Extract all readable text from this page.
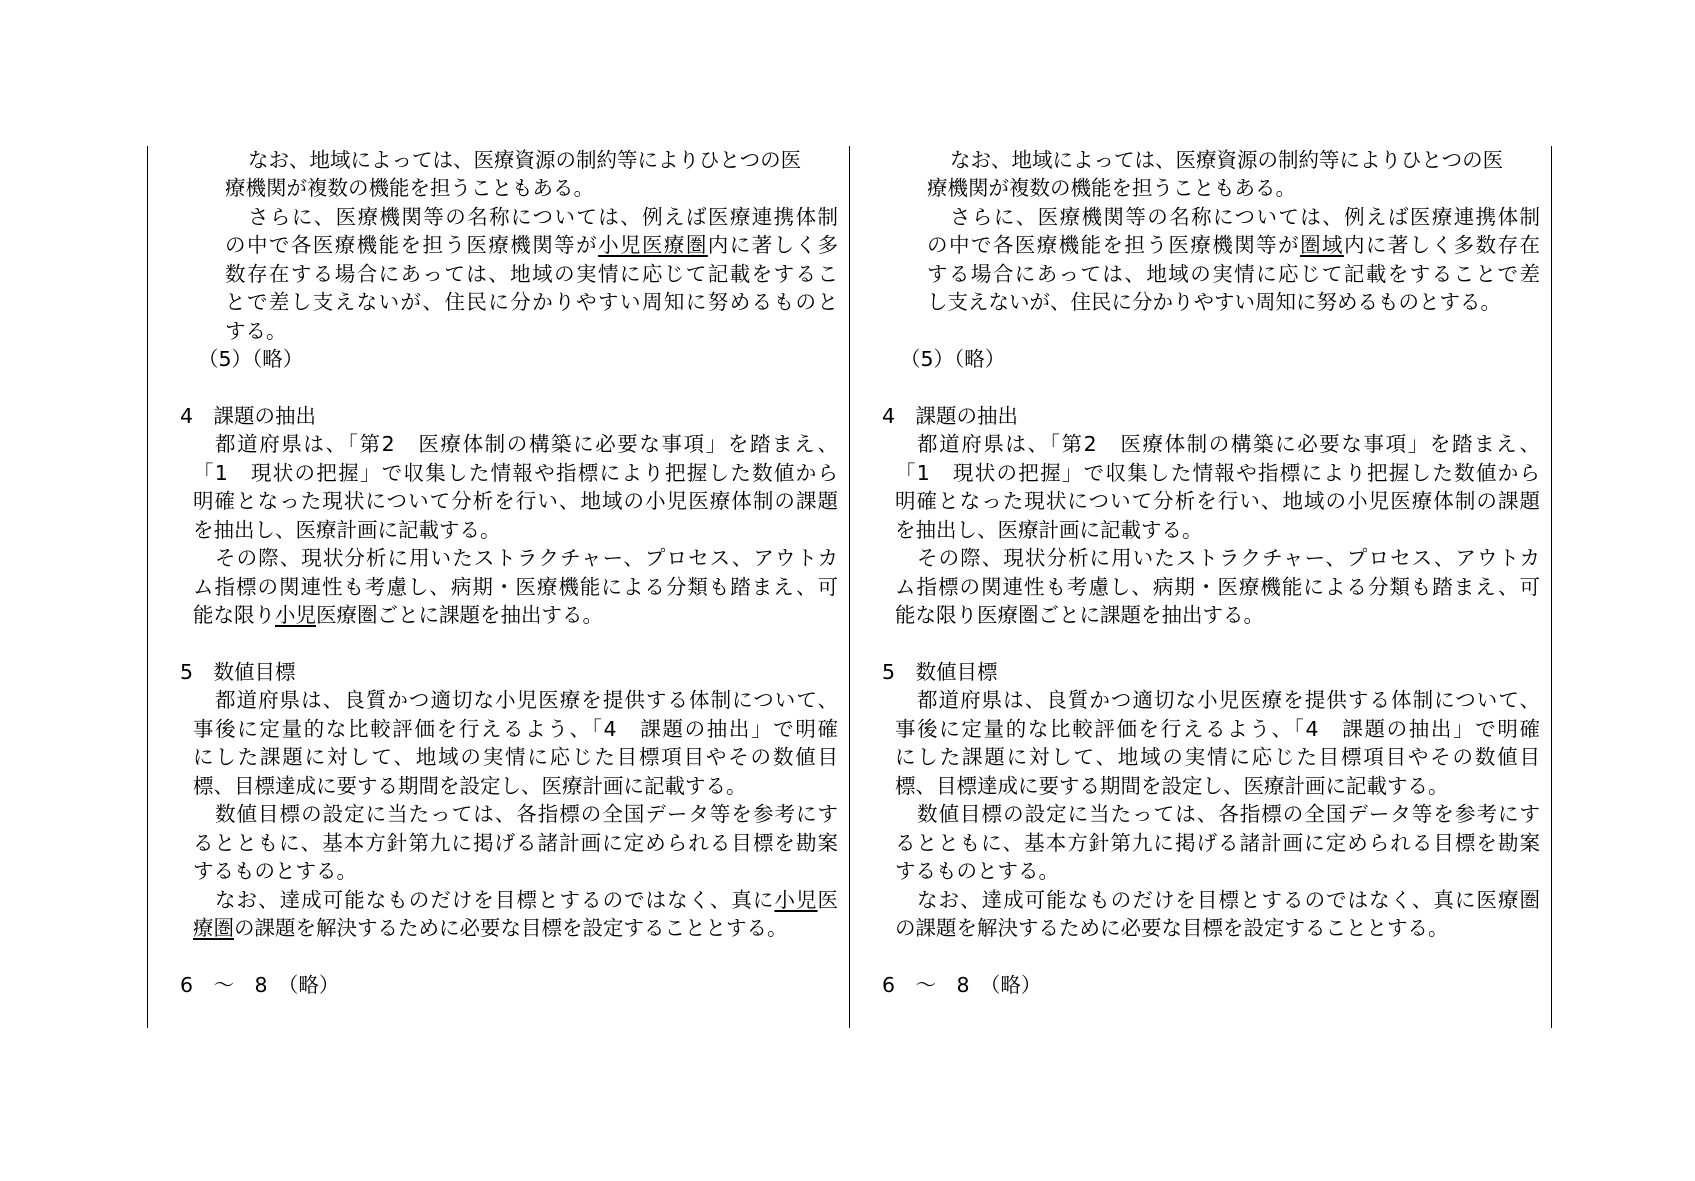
なお、地域によっては、医療資源の制約等によりひとつの医
療機関が複数の機能を担うこともある。
さらに、医療機関等の名称については、例えば医療連携体制
の中で各医療機能を担う医療機関等が小児医療圏内に著しく多
数存在する場合にあっては、地域の実情に応じて記載をするこ
とで差し支えないが、住民に分かりやすい周知に努めるものと
する。
（5）（略）
4　課題の抽出
都道府県は、「第2　医療体制の構築に必要な事項」を踏まえ、
「1　現状の把握」で収集した情報や指標により把握した数値から
明確となった現状について分析を行い、地域の小児医療体制の課題
を抽出し、医療計画に記載する。
その際、現状分析に用いたストラクチャー、プロセス、アウトカ
ム指標の関連性も考慮し、病期・医療機能による分類も踏まえ、可
能な限り小児医療圏ごとに課題を抽出する。
5　数値目標
都道府県は、良質かつ適切な小児医療を提供する体制について、
事後に定量的な比較評価を行えるよう、「4　課題の抽出」で明確
にした課題に対して、地域の実情に応じた目標項目やその数値目
標、目標達成に要する期間を設定し、医療計画に記載する。
数値目標の設定に当たっては、各指標の全国データ等を参考にす
るとともに、基本方針第九に掲げる諸計画に定められる目標を勘案
するものとする。
なお、達成可能なものだけを目標とするのではなく、真に小児医
療圏の課題を解決するために必要な目標を設定することとする。
6　～　8　（略）
なお、地域によっては、医療資源の制約等によりひとつの医
療機関が複数の機能を担うこともある。
さらに、医療機関等の名称については、例えば医療連携体制
の中で各医療機能を担う医療機関等が圏域内に著しく多数存在
する場合にあっては、地域の実情に応じて記載をすることで差
し支えないが、住民に分かりやすい周知に努めるものとする。
（5）（略）
4　課題の抽出
都道府県は、「第2　医療体制の構築に必要な事項」を踏まえ、
「1　現状の把握」で収集した情報や指標により把握した数値から
明確となった現状について分析を行い、地域の小児医療体制の課題
を抽出し、医療計画に記載する。
その際、現状分析に用いたストラクチャー、プロセス、アウトカ
ム指標の関連性も考慮し、病期・医療機能による分類も踏まえ、可
能な限り医療圏ごとに課題を抽出する。
5　数値目標
都道府県は、良質かつ適切な小児医療を提供する体制について、
事後に定量的な比較評価を行えるよう、「4　課題の抽出」で明確
にした課題に対して、地域の実情に応じた目標項目やその数値目
標、目標達成に要する期間を設定し、医療計画に記載する。
数値目標の設定に当たっては、各指標の全国データ等を参考にす
るとともに、基本方針第九に掲げる諸計画に定められる目標を勘案
するものとする。
なお、達成可能なものだけを目標とするのではなく、真に医療圏
の課題を解決するために必要な目標を設定することとする。
6　～　8　（略）
